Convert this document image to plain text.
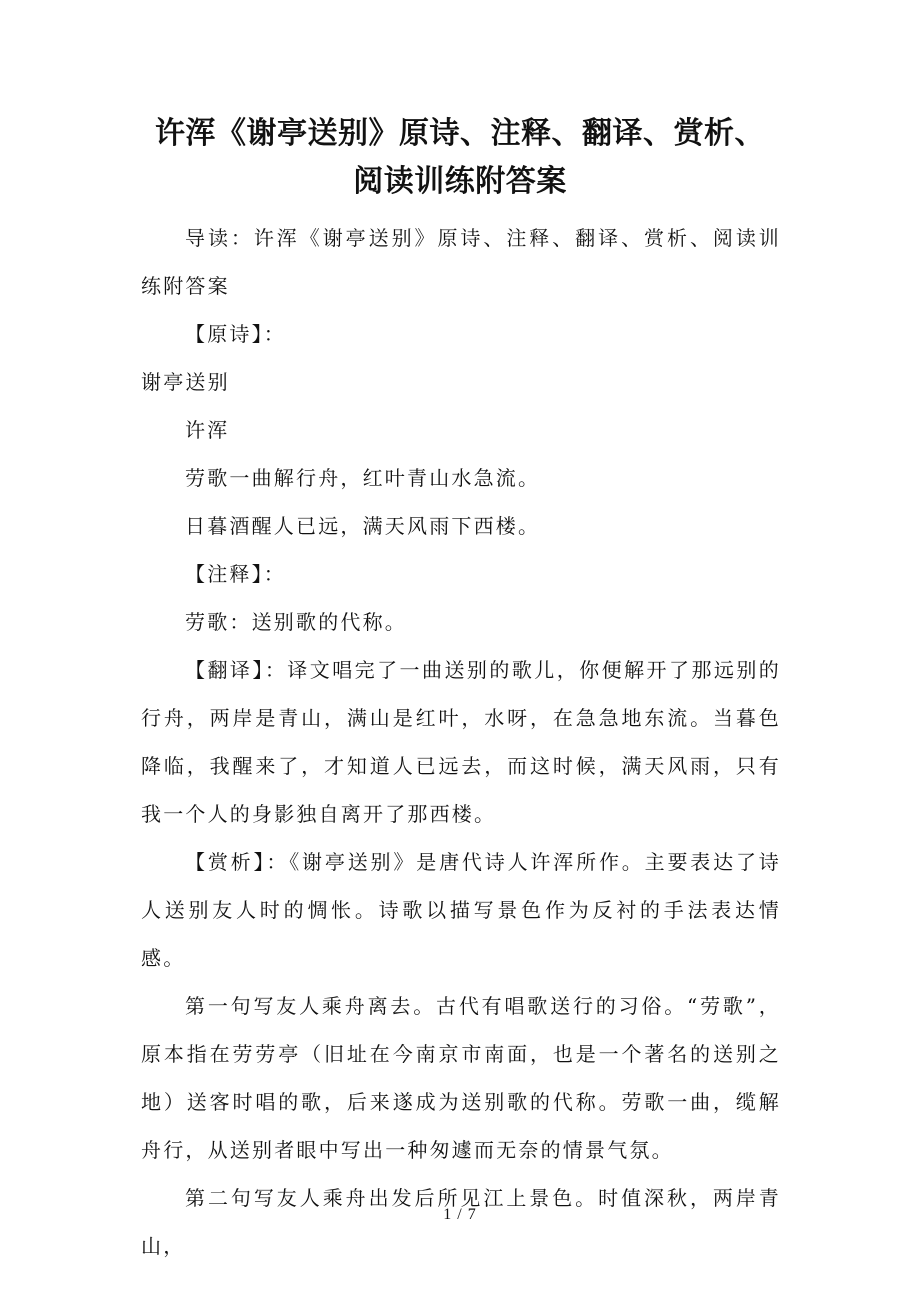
许浑《谢亭送别》原诗、注释、翻译、赏析、阅读训练附答案

导读：许浑《谢亭送别》原诗、注释、翻译、赏析、阅读训练附答案

【原诗】：

谢亭送别

许浑

劳歌一曲解行舟，红叶青山水急流。

日暮酒醒人已远，满天风雨下西楼。

【注释】：

劳歌：送别歌的代称。

【翻译】：译文唱完了一曲送别的歌儿，你便解开了那远别的行舟，两岸是青山，满山是红叶，水呀，在急急地东流。当暮色降临，我醒来了，才知道人已远去，而这时候，满天风雨，只有我一个人的身影独自离开了那西楼。

【赏析】：《谢亭送别》是唐代诗人许浑所作。主要表达了诗人送别友人时的惆怅。诗歌以描写景色作为反衬的手法表达情感。

第一句写友人乘舟离去。古代有唱歌送行的习俗。“劳歌”，原本指在劳劳亭（旧址在今南京市南面，也是一个著名的送别之地）送客时唱的歌，后来遂成为送别歌的代称。劳歌一曲，缆解舟行，从送别者眼中写出一种匆遽而无奈的情景气氛。

第二句写友人乘舟出发后所见江上景色。时值深秋，两岸青山，

1 / 7
